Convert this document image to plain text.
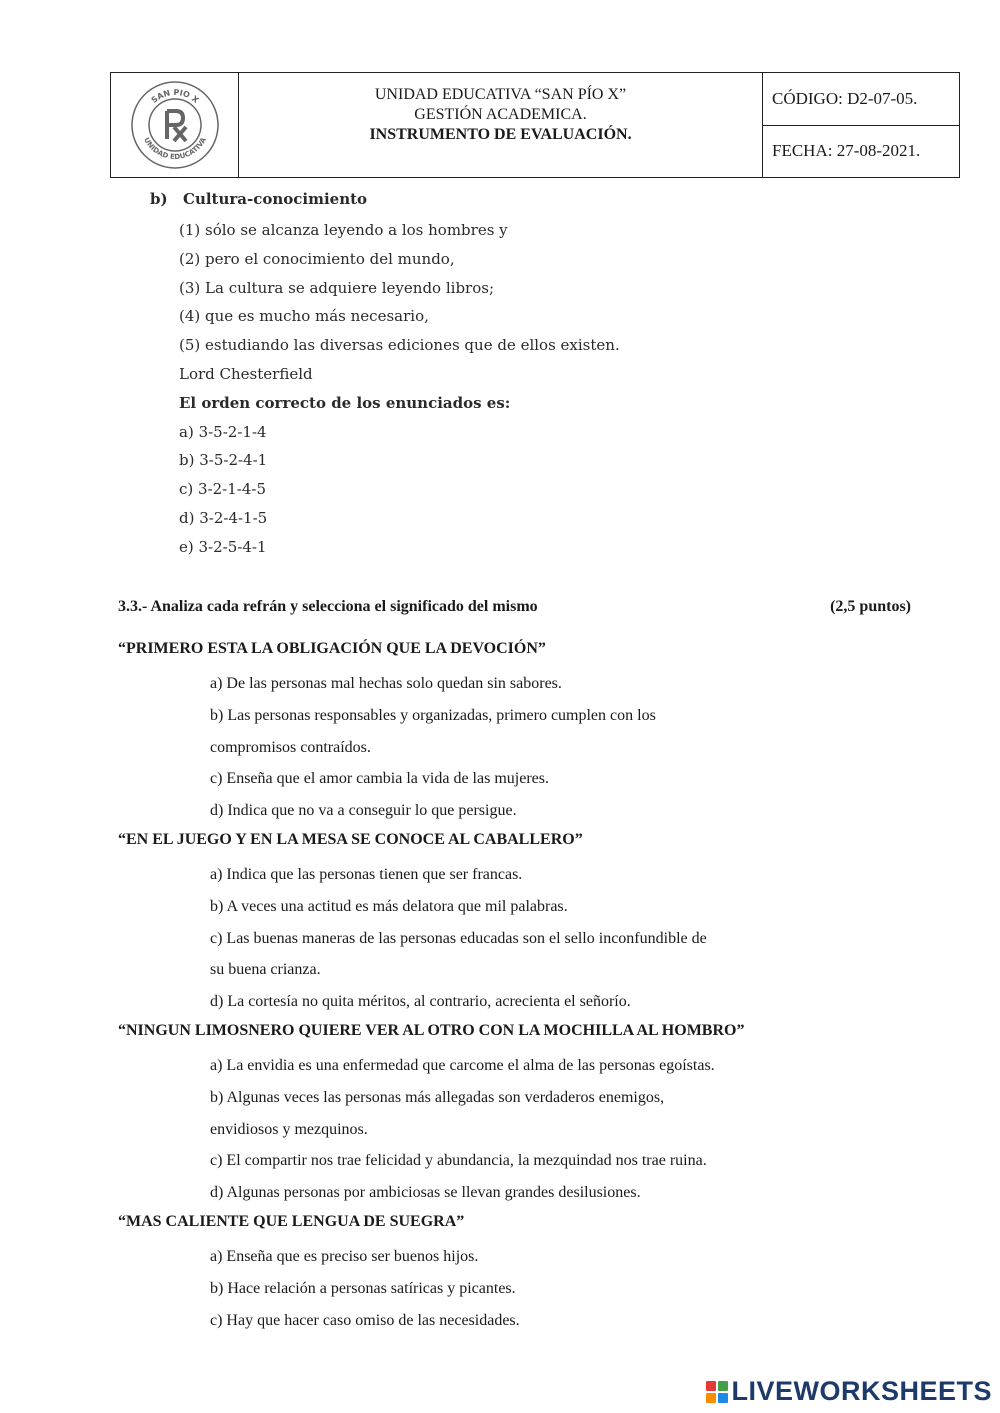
SAN PIO X
UNIDAD EDUCATIVA
UNIDAD EDUCATIVA “SAN PÍO X”
GESTIÓN ACADEMICA.
INSTRUMENTO DE EVALUACIÓN.
CÓDIGO: D2-07-05.
FECHA: 27-08-2021.
b) Cultura-conocimiento
(1) sólo se alcanza leyendo a los hombres y
(2) pero el conocimiento del mundo,
(3) La cultura se adquiere leyendo libros;
(4) que es mucho más necesario,
(5) estudiando las diversas ediciones que de ellos existen.
Lord Chesterfield
El orden correcto de los enunciados es:
a) 3-5-2-1-4
b) 3-5-2-4-1
c) 3-2-1-4-5
d) 3-2-4-1-5
e) 3-2-5-4-1
3.3.- Analiza cada refrán y selecciona el significado del mismo	(2,5 puntos)
“PRIMERO ESTA LA OBLIGACIÓN QUE LA DEVOCIÓN”
a) De las personas mal hechas solo quedan sin sabores.
b) Las personas responsables y organizadas, primero cumplen con los
compromisos contraídos.
c) Enseña que el amor cambia la vida de las mujeres.
d) Indica que no va a conseguir lo que persigue.
“EN EL JUEGO Y EN LA MESA SE CONOCE AL CABALLERO”
a) Indica que las personas tienen que ser francas.
b) A veces una actitud es más delatora que mil palabras.
c) Las buenas maneras de las personas educadas son el sello inconfundible de
su buena crianza.
d) La cortesía no quita méritos, al contrario, acrecienta el señorío.
“NINGUN LIMOSNERO QUIERE VER AL OTRO CON LA MOCHILLA AL HOMBRO”
a) La envidia es una enfermedad que carcome el alma de las personas egoístas.
b) Algunas veces las personas más allegadas son verdaderos enemigos,
envidiosos y mezquinos.
c) El compartir nos trae felicidad y abundancia, la mezquindad nos trae ruina.
d) Algunas personas por ambiciosas se llevan grandes desilusiones.
“MAS CALIENTE QUE LENGUA DE SUEGRA”
a) Enseña que es preciso ser buenos hijos.
b) Hace relación a personas satíricas y picantes.
c) Hay que hacer caso omiso de las necesidades.
LIVEWORKSHEETS
